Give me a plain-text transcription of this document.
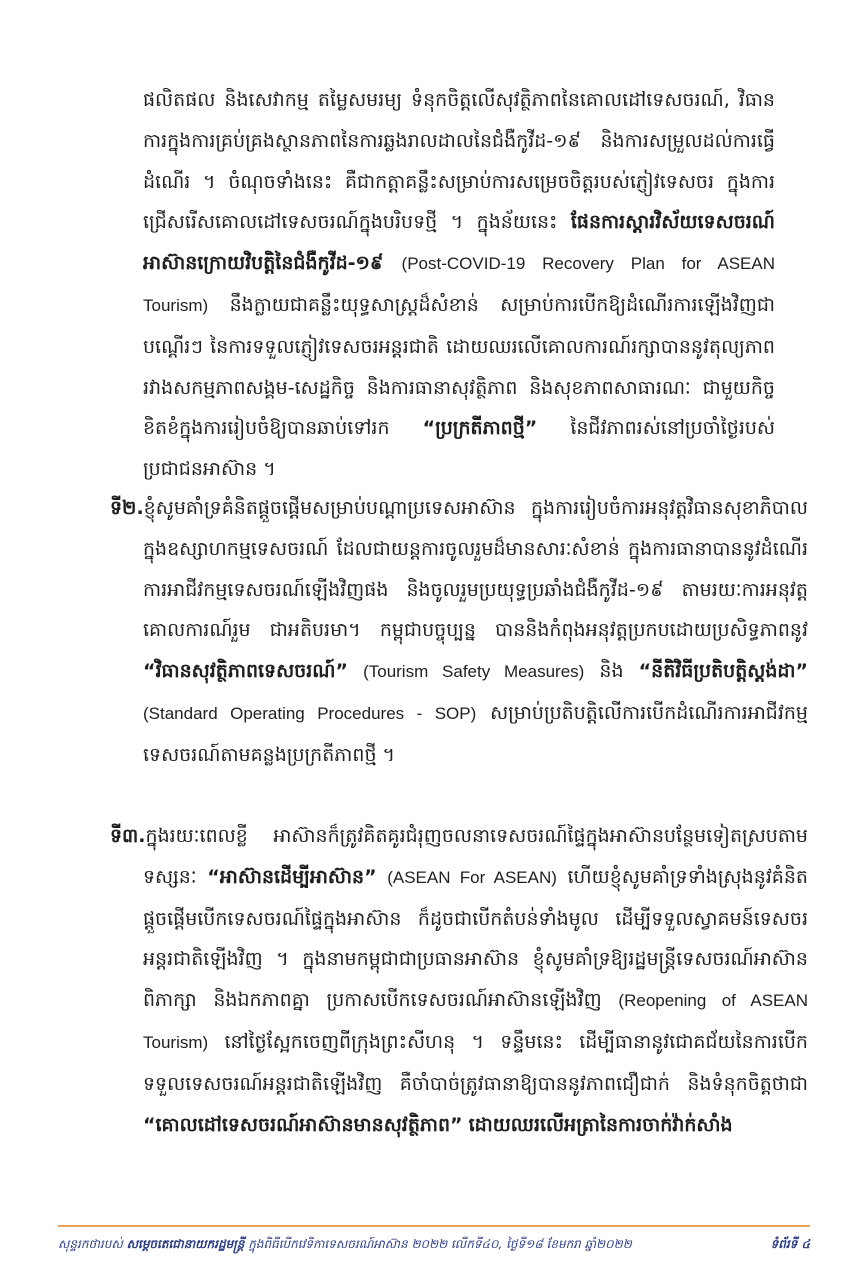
ផលិតផល និងសេវាកម្ម តម្លៃសមរម្យ ទំនុកចិត្តលើសុវត្ថិភាពនៃគោលដៅទេសចរណ៍, វិធានការក្នុងការគ្រប់គ្រងស្ថានភាពនៃការឆ្លងរាលដាលនៃជំងឺកូវីដ-១៩ និងការសម្រួលដល់ការធ្វើដំណើរ ។ ចំណុចទាំងនេះ គឺជាកត្តាគន្លឹះសម្រាប់ការសម្រេចចិត្តរបស់ភ្ញៀវទេសចរ ក្នុងការជ្រើសរើសគោលដៅទេសចរណ៍ក្នុងបរិបទថ្មី ។ ក្នុងន័យនេះ ផែនការស្តារវិស័យទេសចរណ៍អាស៊ានក្រោយវិបត្តិនៃជំងឺកូវីដ-១៩ (Post-COVID-19 Recovery Plan for ASEAN Tourism) នឹងក្លាយជាគន្លឹះយុទ្ធសាស្ត្រដ៏សំខាន់ សម្រាប់ការបើកឱ្យដំណើរការឡើងវិញជាបណ្តើរៗ នៃការទទួលភ្ញៀវទេសចរអន្តរជាតិ ដោយឈរលើគោលការណ៍រក្សាបាននូវតុល្យភាពរវាងសកម្មភាពសង្គម-សេដ្ឋកិច្ច និងការធានាសុវត្ថិភាព និងសុខភាពសាធារណៈ ជាមួយកិច្ចខិតខំក្នុងការរៀបចំឱ្យបានឆាប់ទៅរក “ប្រក្រតីភាពថ្មី” នៃជីវភាពរស់នៅប្រចាំថ្ងៃរបស់ប្រជាជនអាស៊ាន ។
ទី២.ខ្ញុំសូមគាំទ្រគំនិតផ្តួចផ្តើមសម្រាប់បណ្តាប្រទេសអាស៊ាន ក្នុងការរៀបចំការអនុវត្តវិធានសុខាភិបាលក្នុងឧស្សាហកម្មទេសចរណ៍ ដែលជាយន្តការចូលរួមដ៏មានសារៈសំខាន់ ក្នុងការធានាបាននូវដំណើរការអាជីវកម្មទេសចរណ៍ឡើងវិញផង និងចូលរួមប្រយុទ្ធប្រឆាំងជំងឺកូវីដ-១៩ តាមរយៈការអនុវត្តគោលការណ៍រួម ជាអតិបរមា។ កម្ពុជាបច្ចុប្បន្ន បាននិងកំពុងអនុវត្តប្រកបដោយប្រសិទ្ធភាពនូវ “វិធានសុវត្ថិភាពទេសចរណ៍” (Tourism Safety Measures) និង “នីតិវិធីប្រតិបត្តិស្តង់ដា” (Standard Operating Procedures - SOP) សម្រាប់ប្រតិបត្តិលើការបើកដំណើរការអាជីវកម្មទេសចរណ៍តាមគន្លងប្រក្រតីភាពថ្មី ។
ទី៣.ក្នុងរយៈពេលខ្លី អាស៊ានក៏ត្រូវគិតគូរជំរុញចលនាទេសចរណ៍ផ្ទៃក្នុងអាស៊ានបន្ថែមទៀតស្របតាមទស្សនៈ “អាស៊ានដើម្បីអាស៊ាន” (ASEAN For ASEAN) ហើយខ្ញុំសូមគាំទ្រទាំងស្រុងនូវគំនិតផ្តួចផ្តើមបើកទេសចរណ៍ផ្ទៃក្នុងអាស៊ាន ក៏ដូចជាបើកតំបន់ទាំងមូល ដើម្បីទទួលស្វាគមន៍ទេសចរអន្តរជាតិឡើងវិញ ។ ក្នុងនាមកម្ពុជាជាប្រធានអាស៊ាន ខ្ញុំសូមគាំទ្រឱ្យរដ្ឋមន្ត្រីទេសចរណ៍អាស៊ាន ពិភាក្សា និងឯកភាពគ្នា ប្រកាសបើកទេសចរណ៍អាស៊ានឡើងវិញ (Reopening of ASEAN Tourism) នៅថ្ងៃស្អែកចេញពីក្រុងព្រះសីហនុ ។ ទន្ទឹមនេះ ដើម្បីធានានូវជោគជ័យនៃការបើកទទួលទេសចរណ៍អន្តរជាតិឡើងវិញ គឺចាំបាច់ត្រូវធានាឱ្យបាននូវភាពជឿជាក់ និងទំនុកចិត្តថាជា “គោលដៅទេសចរណ៍អាស៊ានមានសុវត្ថិភាព” ដោយឈរលើអត្រានៃការចាក់វ៉ាក់សាំង
សុន្ទរកថារបស់ សម្តេចតេជោនាយករដ្ឋមន្ត្រី ក្នុងពិធីបើកវេទិកាទេសចរណ៍អាស៊ាន ២០២២ លើកទី៤០, ថ្ងៃទី១៨ ខែមករា ឆ្នាំ២០២២	ទំព័រទី ៤
